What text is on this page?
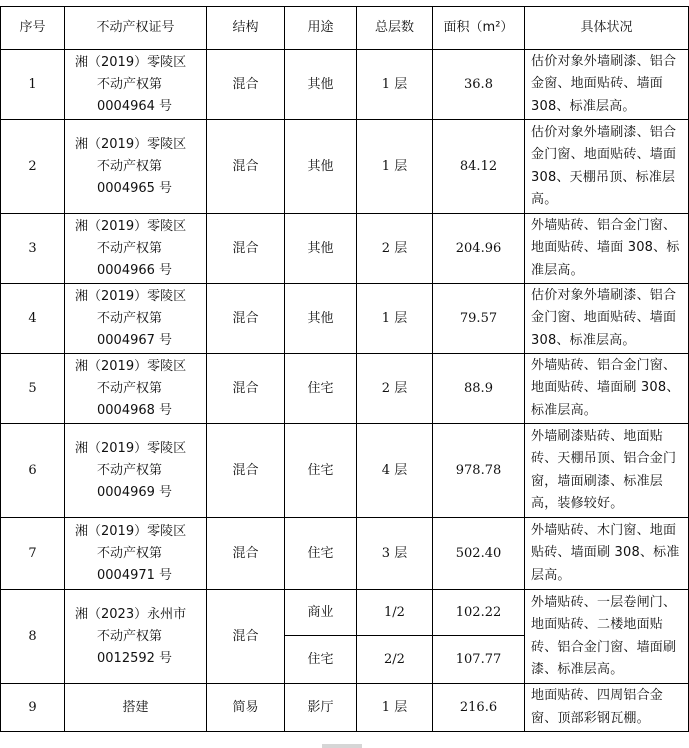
序号	不动产权证号	结构	用途	总层数	面积（m²）	具体状况
1	湘（2019）零陵区
不动产权第
0004964 号	混合	其他	1 层	36.8	估价对象外墙刷漆、铝合金窗、地面贴砖、墙面 308、标准层高。
2	湘（2019）零陵区
不动产权第
0004965 号	混合	其他	1 层	84.12	估价对象外墙刷漆、铝合金门窗、地面贴砖、墙面 308、天棚吊顶、标准层高。
3	湘（2019）零陵区
不动产权第
0004966 号	混合	其他	2 层	204.96	外墙贴砖、铝合金门窗、地面贴砖、墙面 308、标准层高。
4	湘（2019）零陵区
不动产权第
0004967 号	混合	其他	1 层	79.57	估价对象外墙刷漆、铝合金门窗、地面贴砖、墙面 308、标准层高。
5	湘（2019）零陵区
不动产权第
0004968 号	混合	住宅	2 层	88.9	外墙贴砖、铝合金门窗、地面贴砖、墙面刷 308、标准层高。
6	湘（2019）零陵区
不动产权第
0004969 号	混合	住宅	4 层	978.78	外墙刷漆贴砖、地面贴砖、天棚吊顶、铝合金门窗，墙面刷漆、标准层高，装修较好。
7	湘（2019）零陵区
不动产权第
0004971 号	混合	住宅	3 层	502.40	外墙贴砖、木门窗、地面贴砖、墙面刷 308、标准层高。
8	湘（2023）永州市
不动产权第
0012592 号	混合	商业	1/2	102.22	外墙贴砖、一层卷闸门、地面贴砖、二楼地面贴砖、铝合金门窗、墙面刷漆、标准层高。
			住宅	2/2	107.77	
9	搭建	简易	影厅	1 层	216.6	地面贴砖、四周铝合金窗、顶部彩钢瓦棚。
